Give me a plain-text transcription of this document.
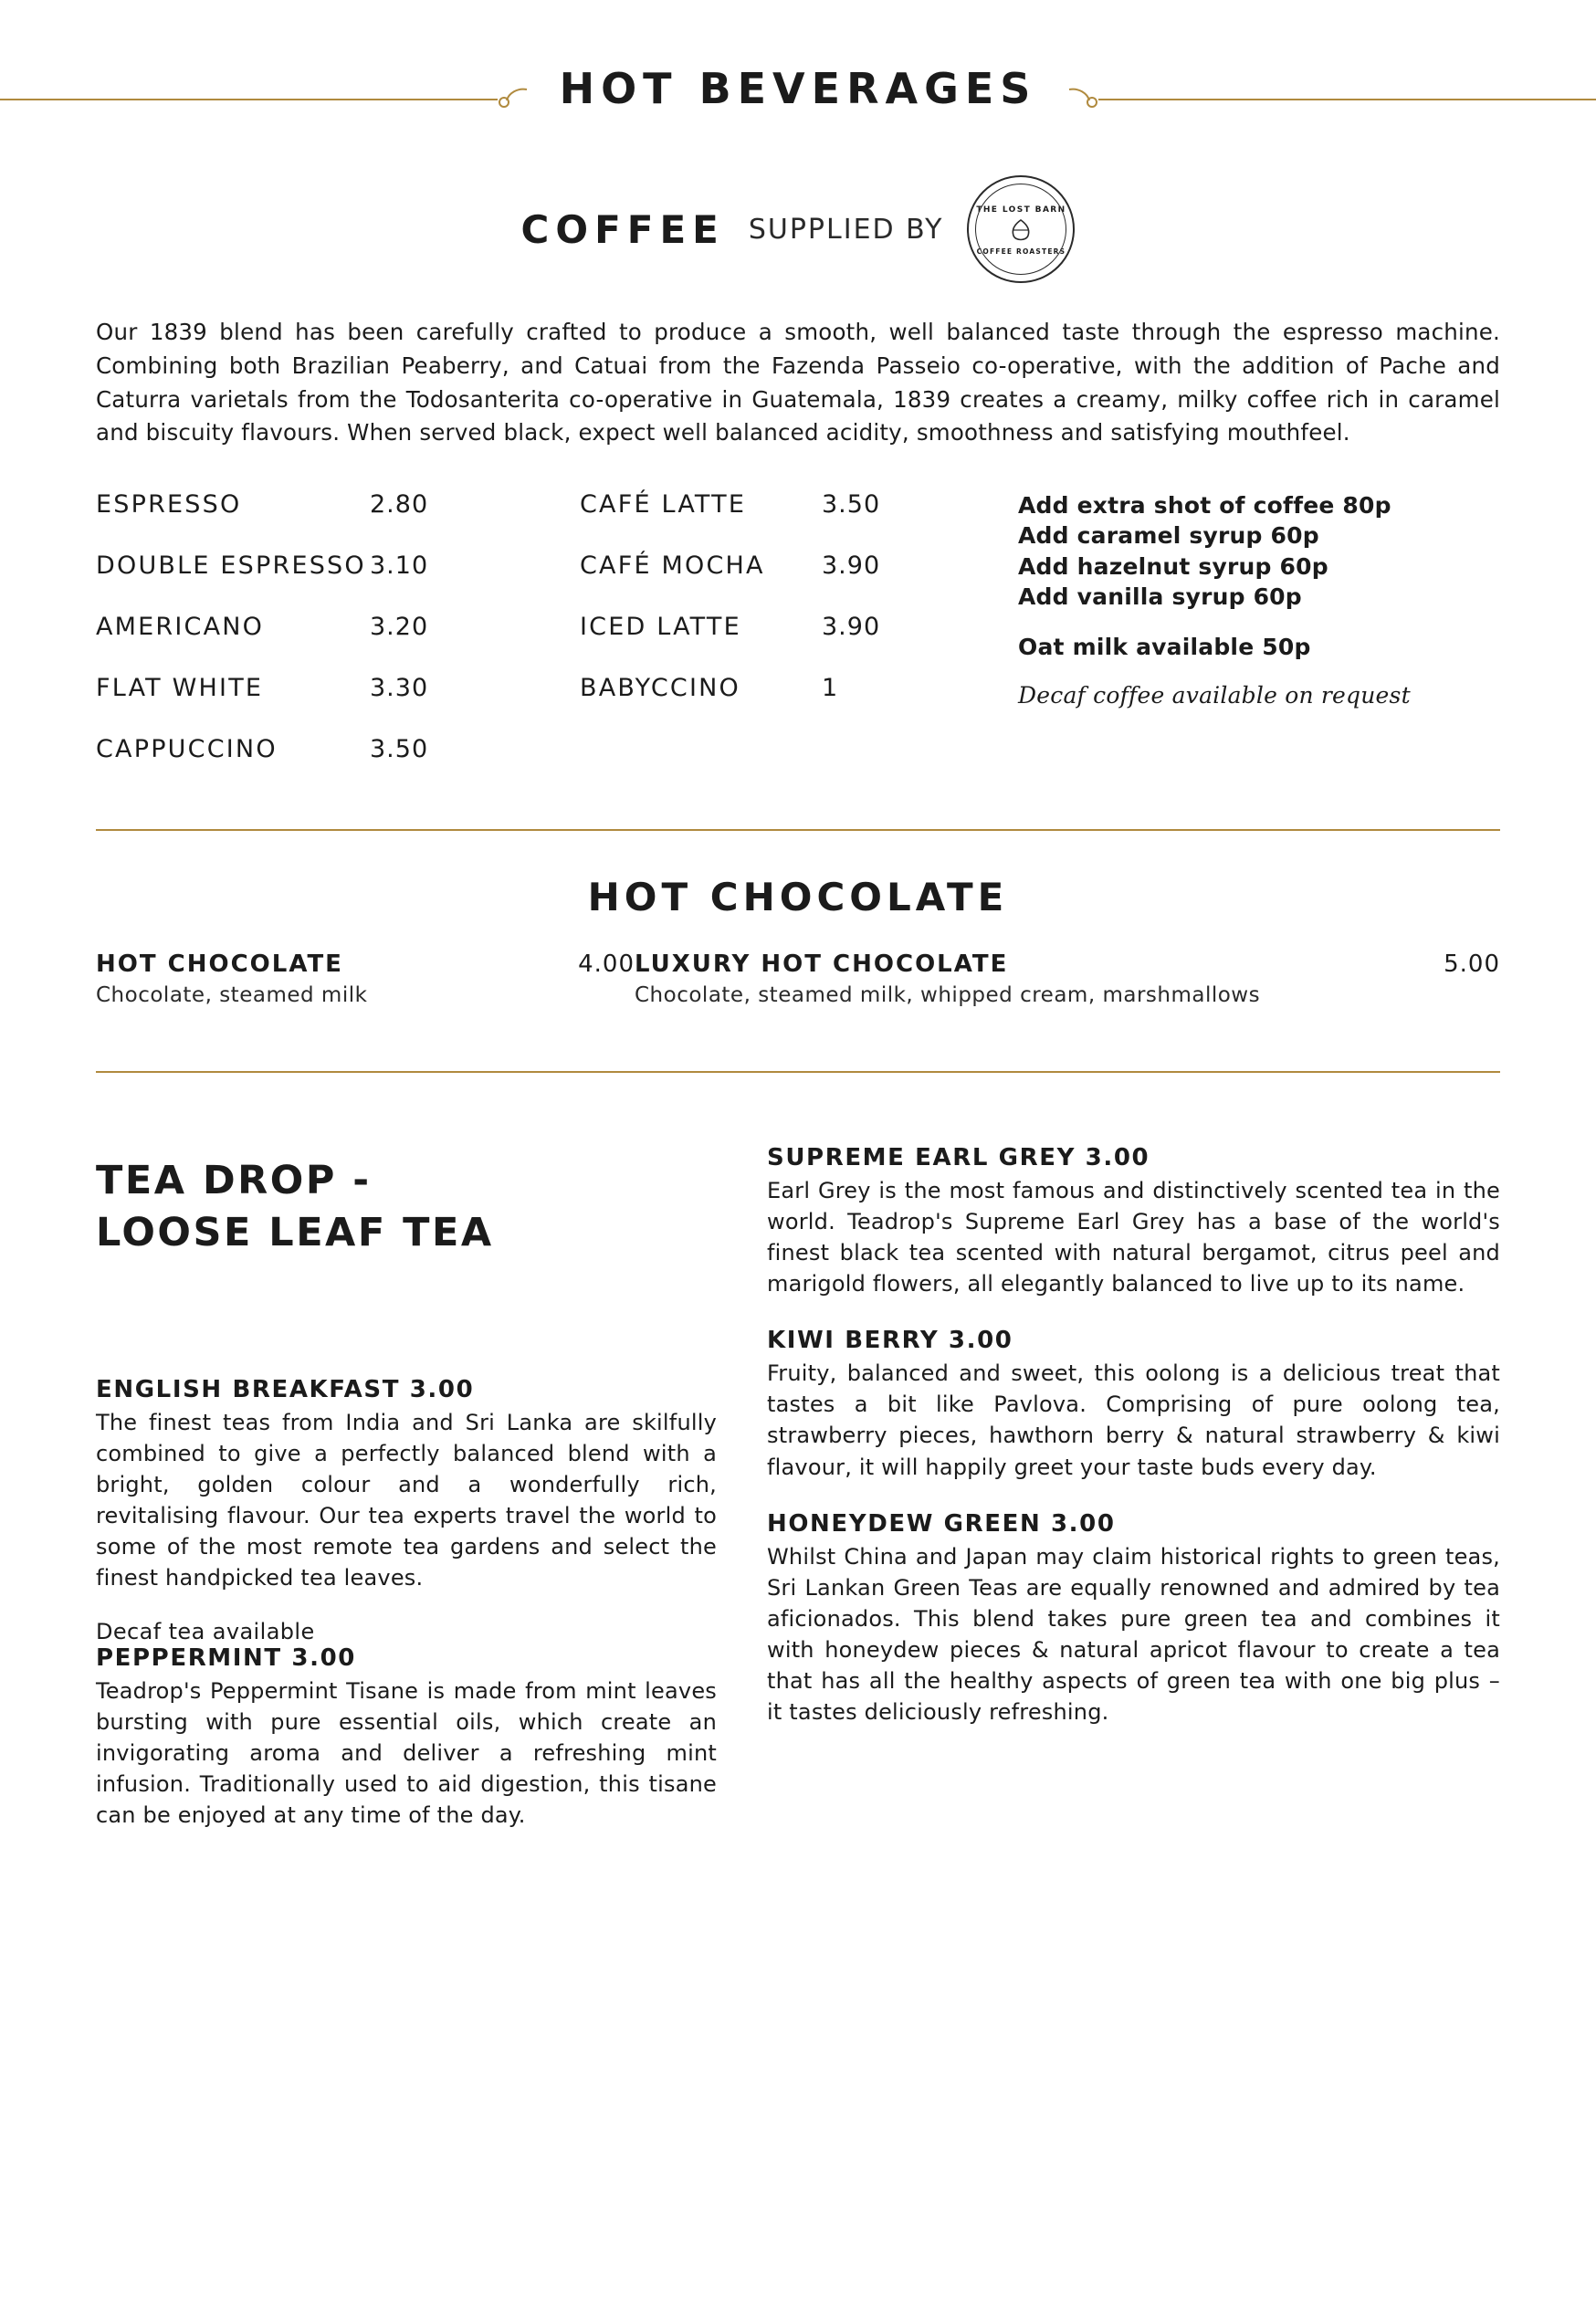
HOT BEVERAGES
COFFEE SUPPLIED BY
THE LOST BARN
COFFEE ROASTERS
Our 1839 blend has been carefully crafted to produce a smooth, well balanced taste through the espresso machine. Combining both Brazilian Peaberry, and Catuai from the Fazenda Passeio co-operative, with the addition of Pache and Caturra varietals from the Todosanterita co-operative in Guatemala, 1839 creates a creamy, milky coffee rich in caramel and biscuity flavours. When served black, expect well balanced acidity, smoothness and satisfying mouthfeel.
ESPRESSO	2.80
DOUBLE ESPRESSO 3.10
AMERICANO	3.20
FLAT WHITE	3.30
CAPPUCCINO	3.50
CAFÉ LATTE	3.50
CAFÉ MOCHA	3.90
ICED LATTE	3.90
BABYCCINO	1
Add extra shot of coffee 80p
Add caramel syrup 60p
Add hazelnut syrup 60p
Add vanilla syrup 60p
Oat milk available 50p
Decaf coffee available on request
HOT CHOCOLATE
HOT CHOCOLATE
Chocolate, steamed milk
4.00 LUXURY HOT CHOCOLATE
Chocolate, steamed milk, whipped cream, marshmallows
5.00
TEA DROP -
LOOSE LEAF TEA
ENGLISH BREAKFAST 3.00
The finest teas from India and Sri Lanka are skilfully combined to give a perfectly balanced blend with a bright, golden colour and a wonderfully rich, revitalising flavour. Our tea experts travel the world to some of the most remote tea gardens and select the finest handpicked tea leaves.
Decaf tea available
PEPPERMINT 3.00
Teadrop's Peppermint Tisane is made from mint leaves bursting with pure essential oils, which create an invigorating aroma and deliver a refreshing mint infusion. Traditionally used to aid digestion, this tisane can be enjoyed at any time of the day.
SUPREME EARL GREY 3.00
Earl Grey is the most famous and distinctively scented tea in the world. Teadrop's Supreme Earl Grey has a base of the world's finest black tea scented with natural bergamot, citrus peel and marigold flowers, all elegantly balanced to live up to its name.
KIWI BERRY 3.00
Fruity, balanced and sweet, this oolong is a delicious treat that tastes a bit like Pavlova. Comprising of pure oolong tea, strawberry pieces, hawthorn berry & natural strawberry & kiwi flavour, it will happily greet your taste buds every day.
HONEYDEW GREEN 3.00
Whilst China and Japan may claim historical rights to green teas, Sri Lankan Green Teas are equally renowned and admired by tea aficionados. This blend takes pure green tea and combines it with honeydew pieces & natural apricot flavour to create a tea that has all the healthy aspects of green tea with one big plus – it tastes deliciously refreshing.
